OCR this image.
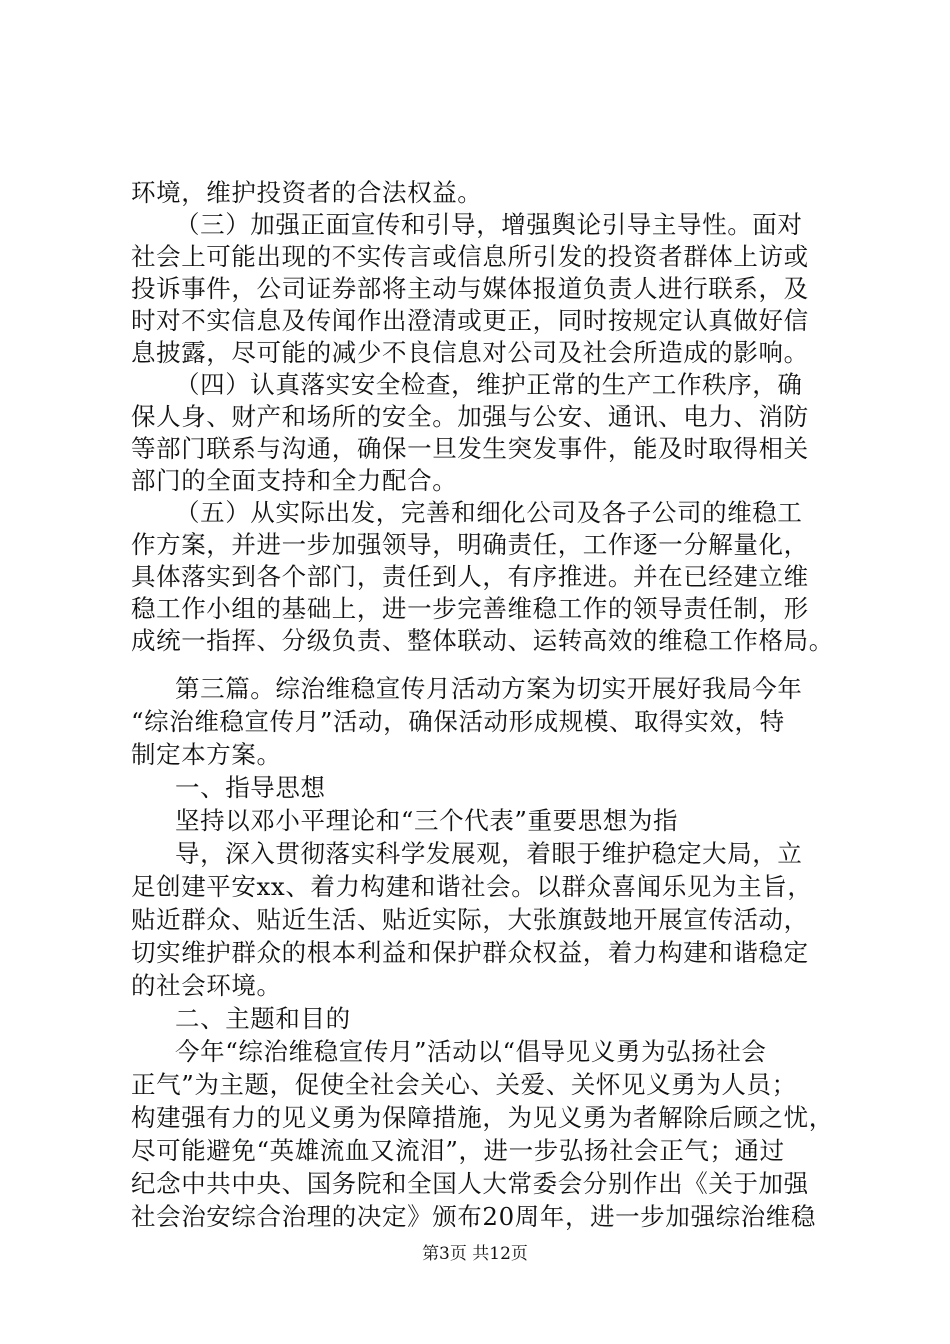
环境，维护投资者的合法权益。
（三）加强正面宣传和引导，增强舆论引导主导性。面对
社会上可能出现的不实传言或信息所引发的投资者群体上访或
投诉事件，公司证券部将主动与媒体报道负责人进行联系，及
时对不实信息及传闻作出澄清或更正，同时按规定认真做好信
息披露，尽可能的减少不良信息对公司及社会所造成的影响。
（四）认真落实安全检查，维护正常的生产工作秩序，确
保人身、财产和场所的安全。加强与公安、通讯、电力、消防
等部门联系与沟通，确保一旦发生突发事件，能及时取得相关
部门的全面支持和全力配合。
（五）从实际出发，完善和细化公司及各子公司的维稳工
作方案，并进一步加强领导，明确责任，工作逐一分解量化，
具体落实到各个部门，责任到人，有序推进。并在已经建立维
稳工作小组的基础上，进一步完善维稳工作的领导责任制，形
成统一指挥、分级负责、整体联动、运转高效的维稳工作格局。
第三篇。综治维稳宣传月活动方案为切实开展好我局今年
“综治维稳宣传月”活动，确保活动形成规模、取得实效，特
制定本方案。
一、指导思想
坚持以邓小平理论和“三个代表”重要思想为指
导，深入贯彻落实科学发展观，着眼于维护稳定大局，立
足创建平安xx、着力构建和谐社会。以群众喜闻乐见为主旨，
贴近群众、贴近生活、贴近实际，大张旗鼓地开展宣传活动，
切实维护群众的根本利益和保护群众权益，着力构建和谐稳定
的社会环境。
二、主题和目的
今年“综治维稳宣传月”活动以“倡导见义勇为弘扬社会
正气”为主题，促使全社会关心、关爱、关怀见义勇为人员；
构建强有力的见义勇为保障措施，为见义勇为者解除后顾之忧，
尽可能避免“英雄流血又流泪”，进一步弘扬社会正气；通过
纪念中共中央、国务院和全国人大常委会分别作出《关于加强
社会治安综合治理的决定》颁布20周年，进一步加强综治维稳
第3页 共12页
